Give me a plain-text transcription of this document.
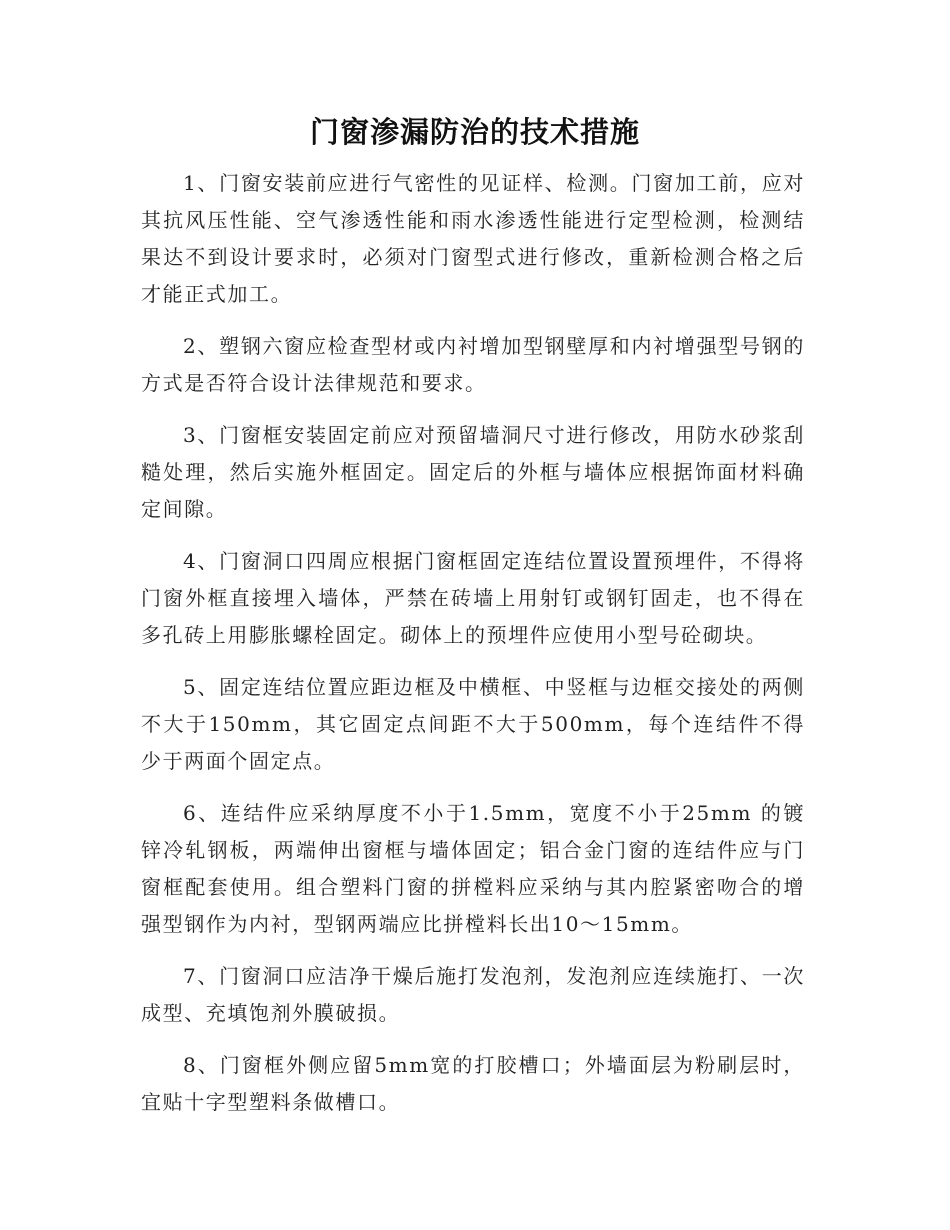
门窗渗漏防治的技术措施

1、门窗安装前应进行气密性的见证样、检测。门窗加工前，应对其抗风压性能、空气渗透性能和雨水渗透性能进行定型检测，检测结果达不到设计要求时，必须对门窗型式进行修改，重新检测合格之后才能正式加工。

2、塑钢六窗应检查型材或内衬增加型钢壁厚和内衬增强型号钢的方式是否符合设计法律规范和要求。

3、门窗框安装固定前应对预留墙洞尺寸进行修改，用防水砂浆刮糙处理，然后实施外框固定。固定后的外框与墙体应根据饰面材料确定间隙。

4、门窗洞口四周应根据门窗框固定连结位置设置预埋件，不得将门窗外框直接埋入墙体，严禁在砖墙上用射钉或钢钉固走，也不得在多孔砖上用膨胀螺栓固定。砌体上的预埋件应使用小型号砼砌块。

5、固定连结位置应距边框及中横框、中竖框与边框交接处的两侧不大于150mm，其它固定点间距不大于500mm，每个连结件不得少于两面个固定点。

6、连结件应采纳厚度不小于1.5mm，宽度不小于25mm 的镀锌冷轧钢板，两端伸出窗框与墙体固定；铝合金门窗的连结件应与门窗框配套使用。组合塑料门窗的拼樘料应采纳与其内腔紧密吻合的增强型钢作为内衬，型钢两端应比拼樘料长出10～15mm。

7、门窗洞口应洁净干燥后施打发泡剂，发泡剂应连续施打、一次成型、充填饱剂外膜破损。

8、门窗框外侧应留5mm宽的打胶槽口；外墙面层为粉刷层时，宜贴十字型塑料条做槽口。
